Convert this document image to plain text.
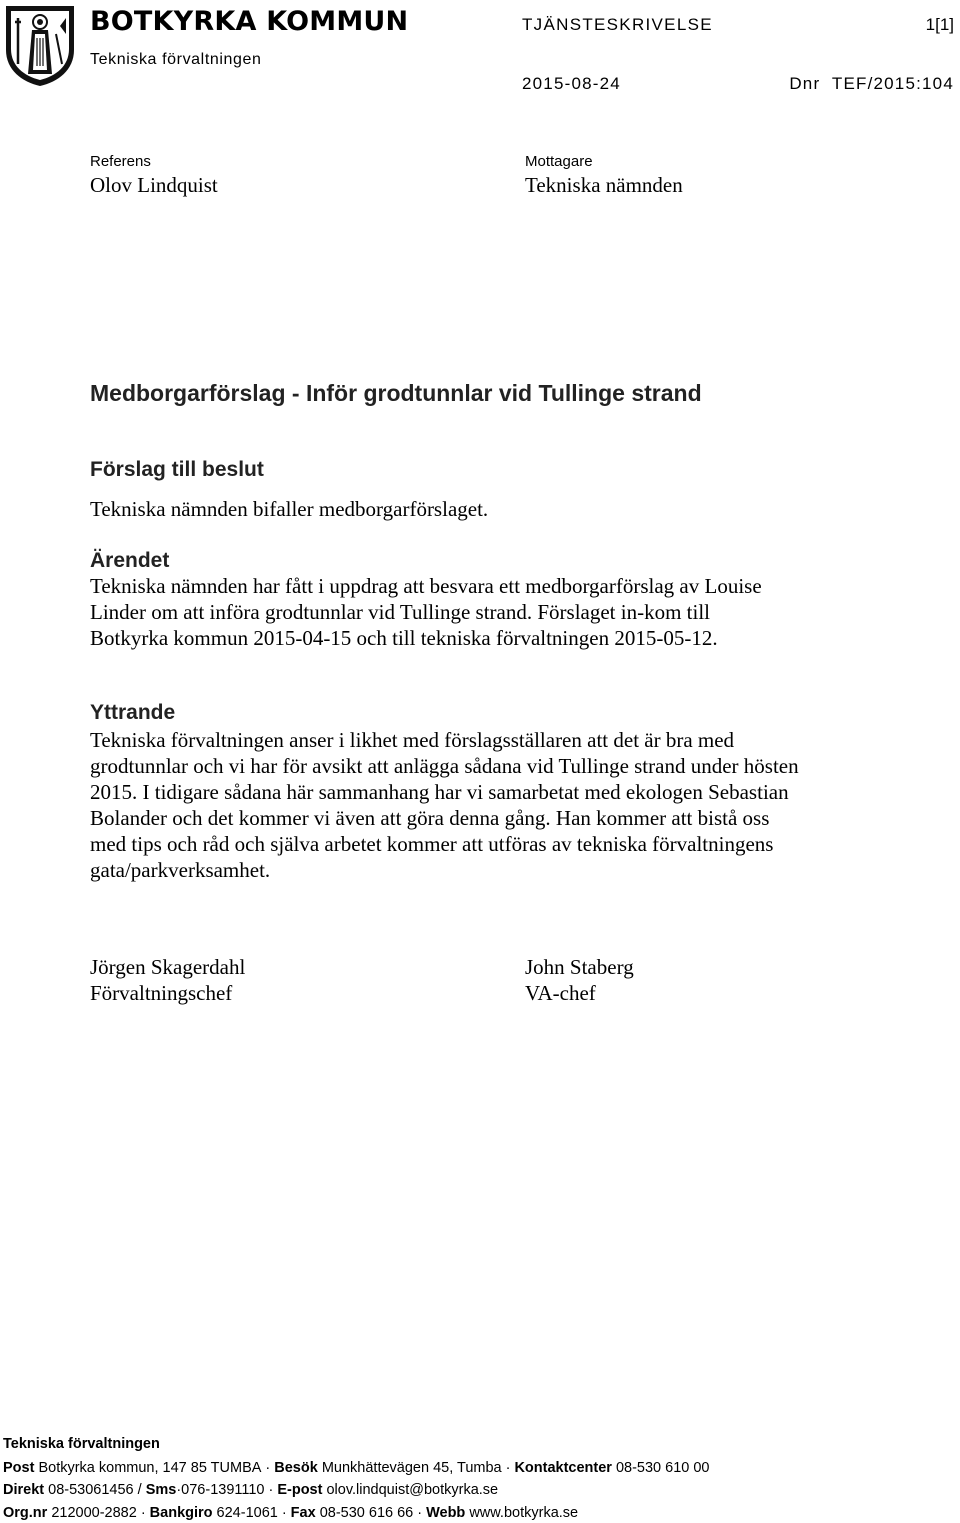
BOTKYRKA KOMMUN
Tekniska förvaltningen
TJÄNSTESKRIVELSE	1[1]
2015-08-24	Dnr  TEF/2015:104
Referens
Olov Lindquist
Mottagare
Tekniska nämnden
Medborgarförslag - Inför grodtunnlar vid Tullinge strand
Förslag till beslut

Tekniska nämnden bifaller medborgarförslaget.

Ärendet

Tekniska nämnden har fått i uppdrag att besvara ett medborgarförslag av Louise Linder om att införa grodtunnlar vid Tullinge strand. Förslaget in-kom till Botkyrka kommun 2015-04-15 och till tekniska förvaltningen 2015-05-12.

Yttrande

Tekniska förvaltningen anser i likhet med förslagsställaren att det är bra med grodtunnlar och vi har för avsikt att anlägga sådana vid Tullinge strand under hösten 2015. I tidigare sådana här sammanhang har vi samarbetat med ekologen Sebastian Bolander och det kommer vi även att göra denna gång. Han kommer att bistå oss med tips och råd och själva arbetet kommer att utföras av tekniska förvaltningens gata/parkverksamhet.

Jörgen Skagerdahl
Förvaltningschef
John Staberg
VA-chef
Tekniska förvaltningen
Post Botkyrka kommun, 147 85 TUMBA · Besök Munkhättevägen 45, Tumba · Kontaktcenter 08-530 610 00
Direkt 08-53061456 / Sms·076-1391110 · E-post olov.lindquist@botkyrka.se
Org.nr 212000-2882 · Bankgiro 624-1061 · Fax 08-530 616 66 · Webb www.botkyrka.se
